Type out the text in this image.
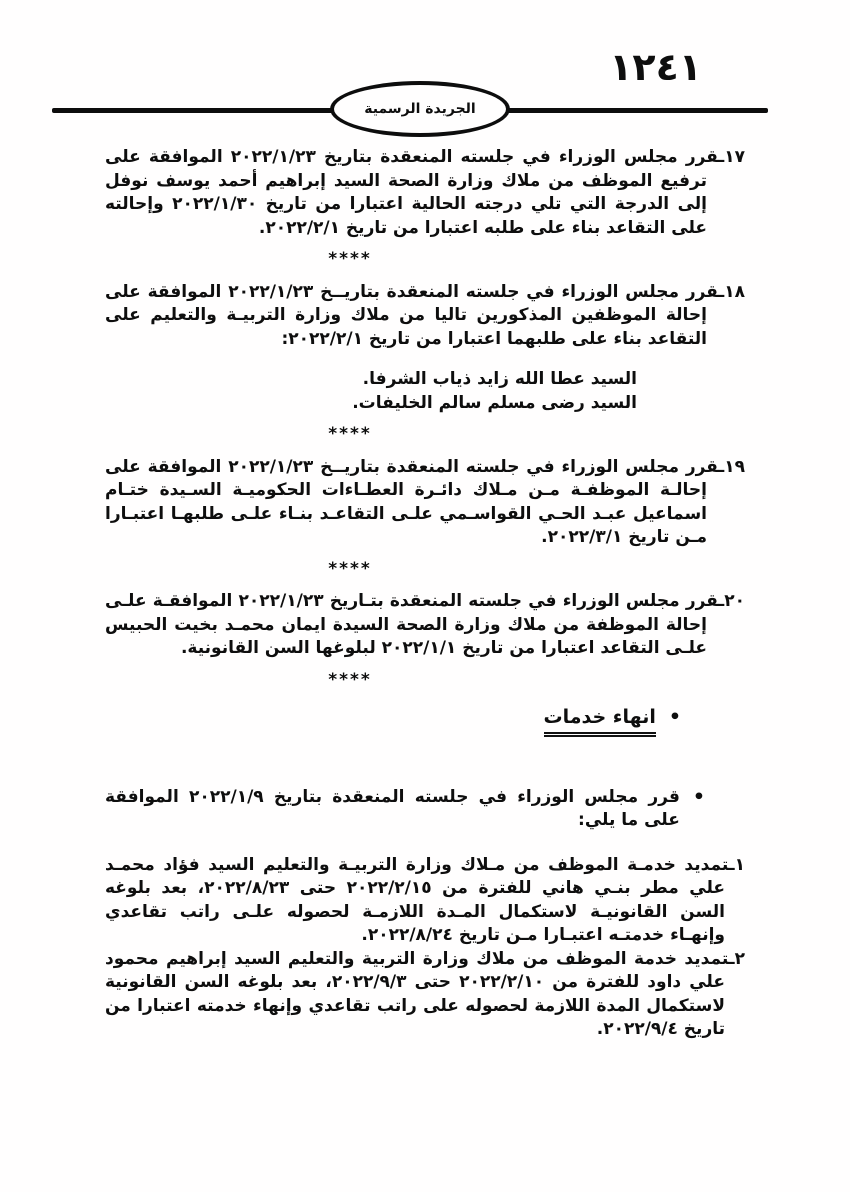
١٢٤١
الجريدة الرسمية

١٧ـقرر مجلس الوزراء في جلسته المنعقدة بتاريخ ٢٠٢٢/١/٢٣ الموافقة على ترفيع الموظف من ملاك وزارة الصحة السيد إبراهيم أحمد يوسف نوفل إلى الدرجة التي تلي درجته الحالية اعتبارا من تاريخ ٢٠٢٢/١/٣٠ وإحالته على التقاعد بناء على طلبه اعتبارا من تاريخ ٢٠٢٢/٢/١.

****

١٨ـقرر مجلس الوزراء في جلسته المنعقدة بتاريــخ ٢٠٢٢/١/٢٣ الموافقة على إحالة الموظفين المذكورين تاليا من ملاك وزارة التربيـة والتعليم على التقاعد بناء على طلبهما اعتبارا من تاريخ ٢٠٢٢/٢/١:

السيد عطا الله زايد ذياب الشرفا.
السيد رضى مسلم سالم الخليفات.
****

١٩ـقرر مجلس الوزراء في جلسته المنعقدة بتاريــخ ٢٠٢٢/١/٢٣ الموافقة على إحالـة الموظفـة مـن مـلاك دائـرة العطـاءات الحكوميـة السـيدة ختـام اسماعيل عبـد الحـي القواسـمي علـى التقاعـد بنـاء علـى طلبهـا اعتبـارا مـن تاريخ ٢٠٢٢/٣/١.

****

٢٠ـقرر مجلس الوزراء في جلسته المنعقدة بتـاريخ ٢٠٢٢/١/٢٣ الموافقـة علـى إحالة الموظفة من ملاك وزارة الصحة السيدة ايمان محمـد بخيت الحبيس علـى التقاعد اعتبارا من تاريخ ٢٠٢٢/١/١ لبلوغها السن القانونية.

****
•
انهاء خدمات
•
قرر مجلس الوزراء في جلسته المنعقدة بتاريخ ٢٠٢٢/١/٩ الموافقة على ما يلي:

١ـتمديد خدمـة الموظف من مـلاك وزارة التربيـة والتعليم السيد فؤاد محمـد علي مطر بنـي هاني للفترة من ٢٠٢٢/٢/١٥ حتى ٢٠٢٢/٨/٢٣، بعد بلوغه السن القانونيـة لاستكمال المـدة اللازمـة لحصوله علـى راتب تقاعدي وإنهـاء خدمتـه اعتبـارا مـن تاريخ ٢٠٢٢/٨/٢٤.

٢ـتمديد خدمة الموظف من ملاك وزارة التربية والتعليم السيد إبراهيم محمود علي داود للفترة من ٢٠٢٢/٢/١٠ حتى ٢٠٢٢/٩/٣، بعد بلوغه السن القانونية لاستكمال المدة اللازمة لحصوله على راتب تقاعدي وإنهاء خدمته اعتبارا من تاريخ ٢٠٢٢/٩/٤.
